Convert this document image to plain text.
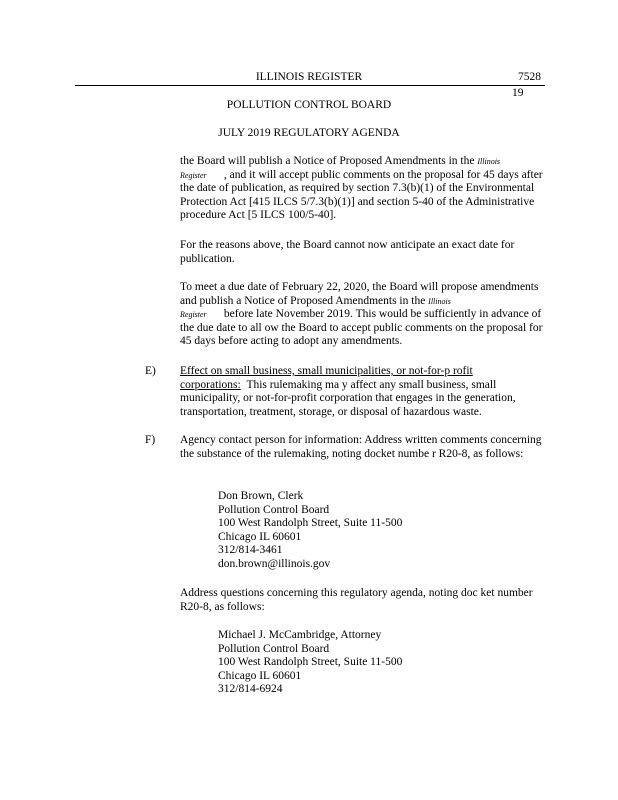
ILLINOIS REGISTER	7528
19
POLLUTION CONTROL BOARD
JULY 2019 REGULATORY AGENDA

the Board will publish a Notice of Proposed Amendments in the Illinois
Register , and it will accept public comments on the proposal for 45 days after the date of publication, as required by section 7.3(b)(1) of the Environmental Protection Act [415 ILCS 5/7.3(b)(1)] and section 5-40 of the Administrative procedure Act [5 ILCS 100/5-40].

For the reasons above, the Board cannot now anticipate an exact date for publication.

To meet a due date of February 22, 2020, the Board will propose amendments and publish a Notice of Proposed Amendments in the Illinois
Register before late November 2019. This would be sufficiently in advance of the due date to all ow the Board to accept public comments on the proposal for 45 days before acting to adopt any amendments.

E) Effect on small business, small municipalities, or not-for-p rofit corporations: This rulemaking ma y affect any small business, small municipality, or not-for-profit corporation that engages in the generation, transportation, treatment, storage, or disposal of hazardous waste.

F) Agency contact person for information: Address written comments concerning the substance of the rulemaking, noting docket numbe r R20-8, as follows:

Don Brown, Clerk
Pollution Control Board
100 West Randolph Street, Suite 11-500
Chicago IL 60601
312/814-3461
don.brown@illinois.gov

Address questions concerning this regulatory agenda, noting doc ket number R20-8, as follows:

Michael J. McCambridge, Attorney
Pollution Control Board
100 West Randolph Street, Suite 11-500
Chicago IL 60601
312/814-6924
